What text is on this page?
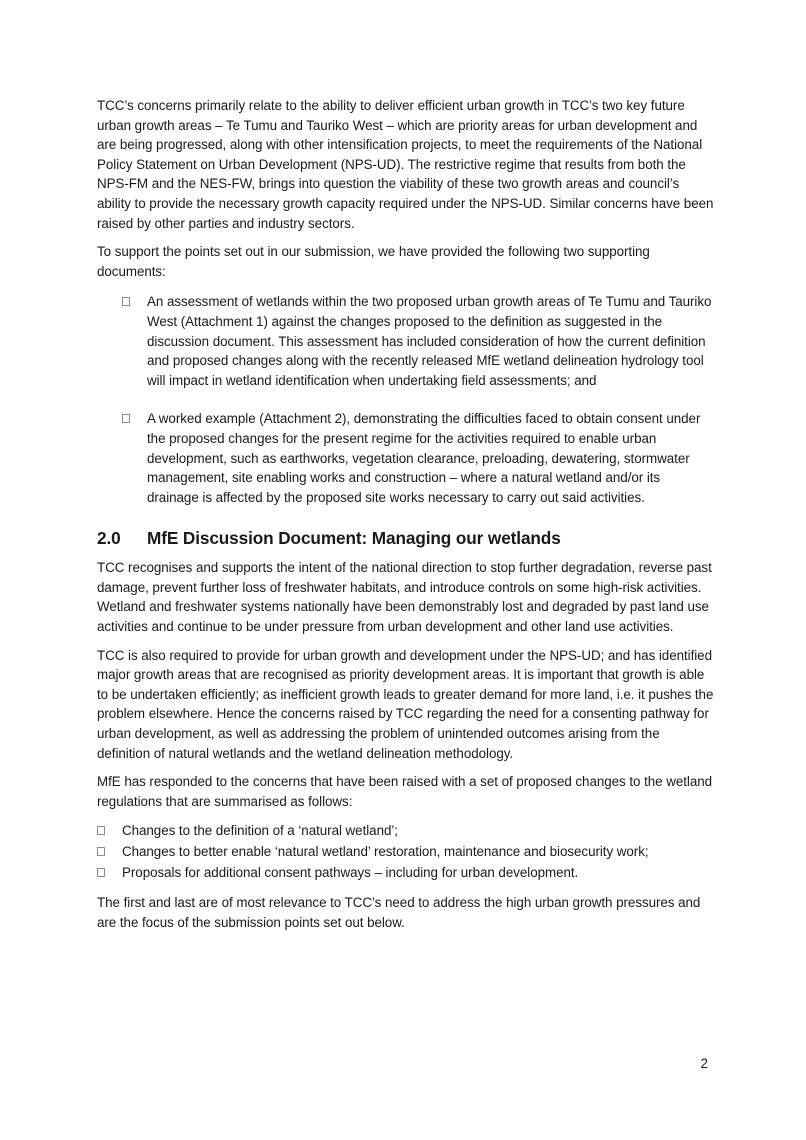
TCC’s concerns primarily relate to the ability to deliver efficient urban growth in TCC’s two key future urban growth areas – Te Tumu and Tauriko West – which are priority areas for urban development and are being progressed, along with other intensification projects, to meet the requirements of the National Policy Statement on Urban Development (NPS-UD). The restrictive regime that results from both the NPS-FM and the NES-FW, brings into question the viability of these two growth areas and council’s ability to provide the necessary growth capacity required under the NPS-UD. Similar concerns have been raised by other parties and industry sectors.

To support the points set out in our submission, we have provided the following two supporting documents:

An assessment of wetlands within the two proposed urban growth areas of Te Tumu and Tauriko West (Attachment 1) against the changes proposed to the definition as suggested in the discussion document. This assessment has included consideration of how the current definition and proposed changes along with the recently released MfE wetland delineation hydrology tool will impact in wetland identification when undertaking field assessments; and
A worked example (Attachment 2), demonstrating the difficulties faced to obtain consent under the proposed changes for the present regime for the activities required to enable urban development, such as earthworks, vegetation clearance, preloading, dewatering, stormwater management, site enabling works and construction – where a natural wetland and/or its drainage is affected by the proposed site works necessary to carry out said activities.
2.0	MfE Discussion Document: Managing our wetlands

TCC recognises and supports the intent of the national direction to stop further degradation, reverse past damage, prevent further loss of freshwater habitats, and introduce controls on some high-risk activities. Wetland and freshwater systems nationally have been demonstrably lost and degraded by past land use activities and continue to be under pressure from urban development and other land use activities.

TCC is also required to provide for urban growth and development under the NPS-UD; and has identified major growth areas that are recognised as priority development areas. It is important that growth is able to be undertaken efficiently; as inefficient growth leads to greater demand for more land, i.e. it pushes the problem elsewhere. Hence the concerns raised by TCC regarding the need for a consenting pathway for urban development, as well as addressing the problem of unintended outcomes arising from the definition of natural wetlands and the wetland delineation methodology.

MfE has responded to the concerns that have been raised with a set of proposed changes to the wetland regulations that are summarised as follows:

Changes to the definition of a ‘natural wetland’;
Changes to better enable ‘natural wetland’ restoration, maintenance and biosecurity work;
Proposals for additional consent pathways – including for urban development.

The first and last are of most relevance to TCC’s need to address the high urban growth pressures and are the focus of the submission points set out below.

2
